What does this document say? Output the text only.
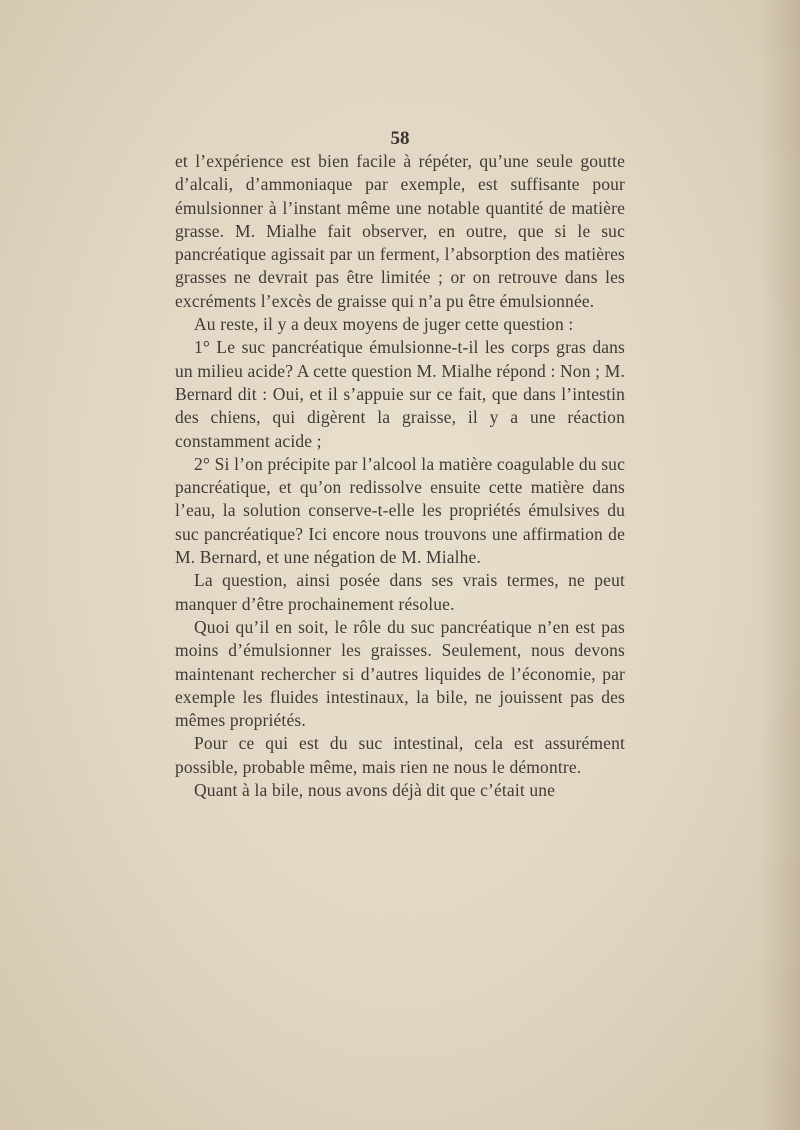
58

et l’expérience est bien facile à répéter, qu’une seule goutte d’alcali, d’ammoniaque par exemple, est suffisante pour émulsionner à l’instant même une notable quantité de matière grasse. M. Mialhe fait observer, en outre, que si le suc pancréatique agissait par un ferment, l’absorption des matières grasses ne devrait pas être limitée ; or on retrouve dans les excréments l’excès de graisse qui n’a pu être émulsionnée.

Au reste, il y a deux moyens de juger cette question :

1° Le suc pancréatique émulsionne-t-il les corps gras dans un milieu acide? A cette question M. Mialhe répond : Non ; M. Bernard dit : Oui, et il s’appuie sur ce fait, que dans l’intestin des chiens, qui digèrent la graisse, il y a une réaction constamment acide ;

2° Si l’on précipite par l’alcool la matière coagulable du suc pancréatique, et qu’on redissolve ensuite cette matière dans l’eau, la solution conserve-t-elle les propriétés émulsives du suc pancréatique? Ici encore nous trouvons une affirmation de M. Bernard, et une négation de M. Mialhe.

La question, ainsi posée dans ses vrais termes, ne peut manquer d’être prochainement résolue.

Quoi qu’il en soit, le rôle du suc pancréatique n’en est pas moins d’émulsionner les graisses. Seulement, nous devons maintenant rechercher si d’autres liquides de l’économie, par exemple les fluides intestinaux, la bile, ne jouissent pas des mêmes propriétés.

Pour ce qui est du suc intestinal, cela est assurément possible, probable même, mais rien ne nous le démontre.

Quant à la bile, nous avons déjà dit que c’était une
